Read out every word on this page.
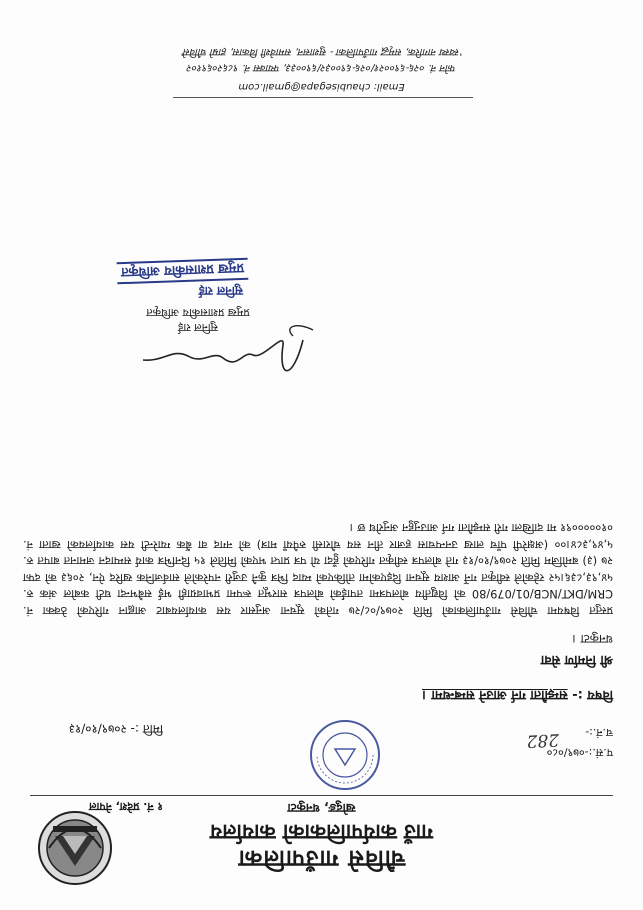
चौविसे गाउँपालिका
गाउँ कार्यपालिकाको कार्यालय
खोदुङ, धनकुटा
१ नं. प्रदेश, नेपाल
प.सं.:-०७९/०८०
च.नं.:-
282
मिति :- २०७९/१०/१३
विषय :- सम्झौता गर्न आउने सम्बन्धमा ।
श्री निर्माण सेवा
धनकुटा ।
प्रस्तुत विषयमा चौविसे गाउँपालिकाको मिति २०७९/०८/२७ गतेको सूचना अनुसार यस कार्यालयबाट आह्वान गरिएको ठेक्का नं. CRM/DKT/NCB/01/079/80 को विद्युतीय बोलपत्रमा तपाईंको बोलपत्र सारभूत रूपमा प्रभावग्राही भई सबैभन्दा घटी कबोल अंक रु. ५४,९३,८३६।५२ रहेकोले स्वीकृत गर्ने आशय सूचना दिइएकोमा तोकिएको म्याद भित्र कुनै उजुरी नपरेकोले सार्वजनिक खरिद ऐन, २०६३ को दफा २७ (३) बमोजिम मिति २०७९/१०/१३ गते बोलपत्र स्वीकृत गरिएको हुँदा यो पत्र प्राप्त भएको मितिले १५ दिनभित्र कार्य सम्पादन जमानत बापत रु. ५,४९,३८४।०० (अक्षरेपी पाँच लाख उनन्पचास हजार तीन सय चौरासी रुपैयाँ मात्र) को नगद वा बैंक ग्यारेन्टी यस कार्यालयको खाता नं. ०१०००००९१ मा दाखिला गरी सम्झौता गर्न आउनुहुन अनुरोध छ ।
सुनिल राई
प्रमुख प्रशासकीय अधिकृत
सुनिल राई
प्रमुख प्रशासकीय अधिकृत
Email: chaubisegapa@gmail.com
फोन नं. ०२६-६९००२१/०२६-६९००३२/६९००३३, फ्याक्स नं. ९८६२०६९१०२
'स्वस्थ नागरिक, समृद्ध गाउँपालिका - सुशासन, समावेशी विकास, हाम्रो चौविसे'
